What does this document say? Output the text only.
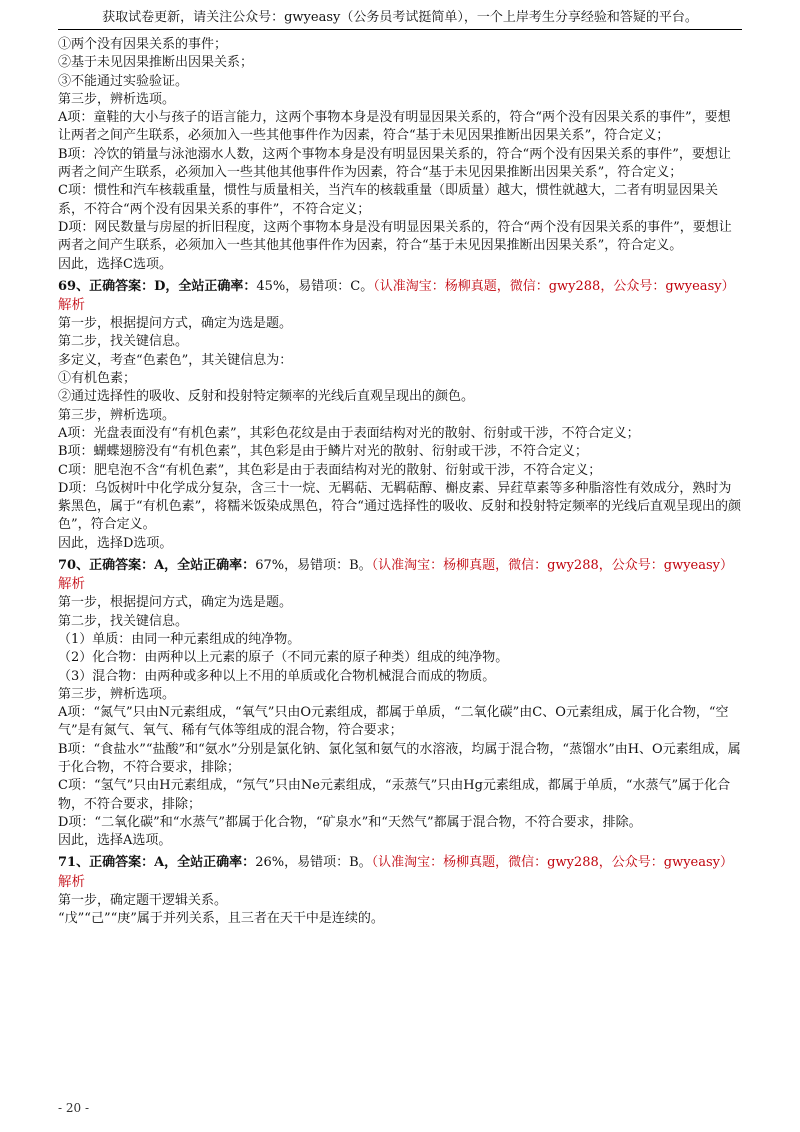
获取试卷更新，请关注公众号：gwyeasy（公务员考试挺简单），一个上岸考生分享经验和答疑的平台。
①两个没有因果关系的事件；
②基于未见因果推断出因果关系；
③不能通过实验验证。
第三步，辨析选项。
A项：童鞋的大小与孩子的语言能力，这两个事物本身是没有明显因果关系的，符合“两个没有因果关系的事件”，要想让两者之间产生联系，必须加入一些其他事件作为因素，符合“基于未见因果推断出因果关系”，符合定义；
B项：冷饮的销量与泳池溺水人数，这两个事物本身是没有明显因果关系的，符合“两个没有因果关系的事件”，要想让两者之间产生联系，必须加入一些其他其他事件作为因素，符合“基于未见因果推断出因果关系”，符合定义；
C项：惯性和汽车核载重量，惯性与质量相关，当汽车的核载重量（即质量）越大，惯性就越大，二者有明显因果关系，不符合“两个没有因果关系的事件”，不符合定义；
D项：网民数量与房屋的折旧程度，这两个事物本身是没有明显因果关系的，符合“两个没有因果关系的事件”，要想让两者之间产生联系，必须加入一些其他其他事件作为因素，符合“基于未见因果推断出因果关系”，符合定义。
因此，选择C选项。
69、正确答案：D，全站正确率：45%，易错项：C。（认准淘宝：杨柳真题，微信：gwy288，公众号：gwyeasy）
解析
第一步，根据提问方式，确定为选是题。
第二步，找关键信息。
多定义，考查“色素色”，其关键信息为：
①有机色素；
②通过选择性的吸收、反射和投射特定频率的光线后直观呈现出的颜色。
第三步，辨析选项。
A项：光盘表面没有“有机色素”，其彩色花纹是由于表面结构对光的散射、衍射或干涉，不符合定义；
B项：蝴蝶翅膀没有“有机色素”，其色彩是由于鳞片对光的散射、衍射或干涉，不符合定义；
C项：肥皂泡不含“有机色素”，其色彩是由于表面结构对光的散射、衍射或干涉，不符合定义；
D项：乌饭树叶中化学成分复杂，含三十一烷、无羁萜、无羁萜醇、槲皮素、异荭草素等多种脂溶性有效成分，熟时为紫黑色，属于“有机色素”，将糯米饭染成黑色，符合“通过选择性的吸收、反射和投射特定频率的光线后直观呈现出的颜色”，符合定义。
因此，选择D选项。
70、正确答案：A，全站正确率：67%，易错项：B。（认准淘宝：杨柳真题，微信：gwy288，公众号：gwyeasy）
解析
第一步，根据提问方式，确定为选是题。
第二步，找关键信息。
（1）单质：由同一种元素组成的纯净物。
（2）化合物：由两种以上元素的原子（不同元素的原子种类）组成的纯净物。
（3）混合物：由两种或多种以上不用的单质或化合物机械混合而成的物质。
第三步，辨析选项。
A项：“氮气”只由N元素组成，“氧气”只由O元素组成，都属于单质，“二氧化碳”由C、O元素组成，属于化合物，“空气”是有氮气、氧气、稀有气体等组成的混合物，符合要求；
B项：“食盐水”“盐酸”和“氨水”分别是氯化钠、氯化氢和氨气的水溶液，均属于混合物，“蒸馏水”由H、O元素组成，属于化合物，不符合要求，排除；
C项：“氢气”只由H元素组成，“氖气”只由Ne元素组成，“汞蒸气”只由Hg元素组成，都属于单质，“水蒸气”属于化合物，不符合要求，排除；
D项：“二氧化碳”和“水蒸气”都属于化合物，“矿泉水”和“天然气”都属于混合物，不符合要求，排除。
因此，选择A选项。
71、正确答案：A，全站正确率：26%，易错项：B。（认准淘宝：杨柳真题，微信：gwy288，公众号：gwyeasy）
解析
第一步，确定题干逻辑关系。
“戊”“己”“庚”属于并列关系，且三者在天干中是连续的。
- 20 -
